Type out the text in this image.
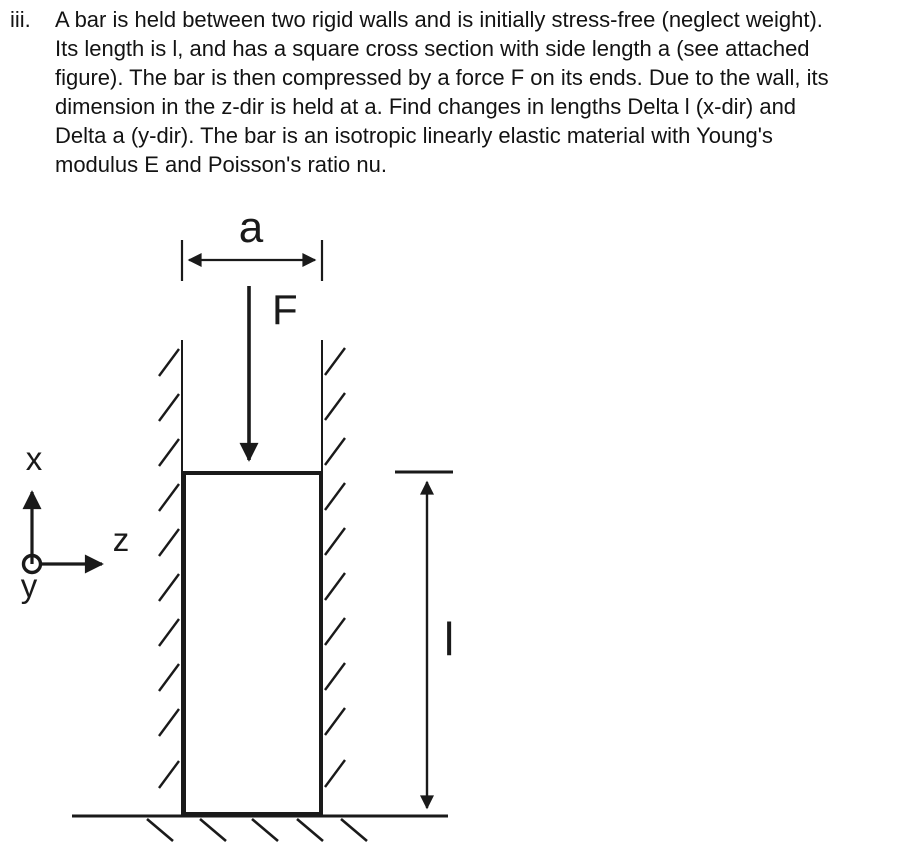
iii. A bar is held between two rigid walls and is initially stress-free (neglect weight).
Its length is l, and has a square cross section with side length a (see attached
figure). The bar is then compressed by a force F on its ends. Due to the wall, its
dimension in the z-dir is held at a. Find changes in lengths Delta l (x-dir) and
Delta a (y-dir). The bar is an isotropic linearly elastic material with Young's
modulus E and Poisson's ratio nu.
a
F
l
x
z
y
